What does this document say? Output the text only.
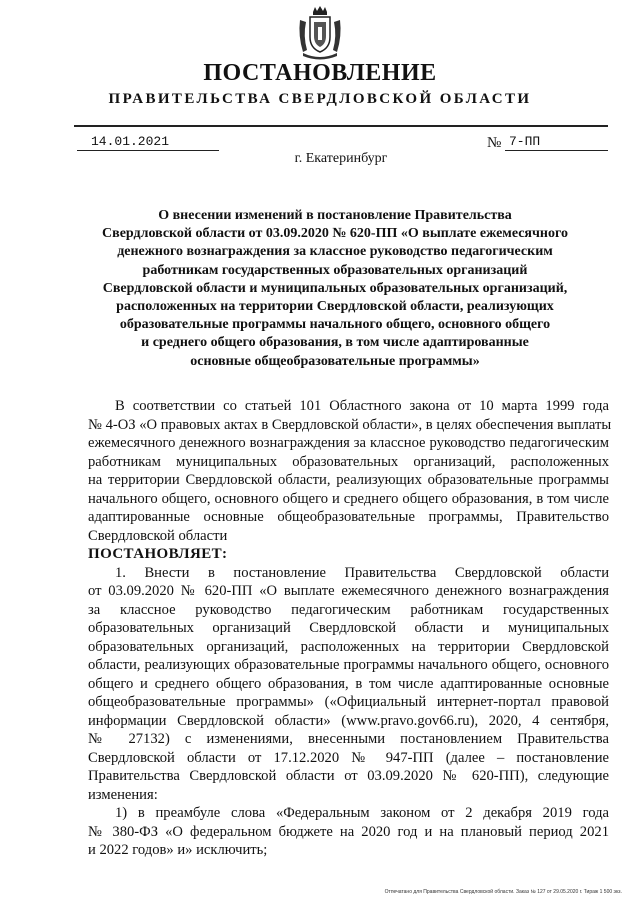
ПОСТАНОВЛЕНИЕ
ПРАВИТЕЛЬСТВА СВЕРДЛОВСКОЙ ОБЛАСТИ
14.01.2021	№ 7-ПП
г. Екатеринбург
О внесении изменений в постановление Правительства
Свердловской области от 03.09.2020 № 620-ПП «О выплате ежемесячного
денежного вознаграждения за классное руководство педагогическим
работникам государственных образовательных организаций
Свердловской области и муниципальных образовательных организаций,
расположенных на территории Свердловской области, реализующих
образовательные программы начального общего, основного общего
и среднего общего образования, в том числе адаптированные
основные общеобразовательные программы»
В соответствии со статьей 101 Областного закона от 10 марта 1999 года
№ 4-ОЗ «О правовых актах в Свердловской области», в целях обеспечения выплаты
ежемесячного денежного вознаграждения за классное руководство педагогическим
работникам муниципальных образовательных организаций, расположенных
на территории Свердловской области, реализующих образовательные программы
начального общего, основного общего и среднего общего образования, в том числе
адаптированные основные общеобразовательные программы, Правительство
Свердловской области
ПОСТАНОВЛЯЕТ:
1. Внести в постановление Правительства Свердловской области
от 03.09.2020 № 620-ПП «О выплате ежемесячного денежного вознаграждения
за классное руководство педагогическим работникам государственных
образовательных организаций Свердловской области и муниципальных
образовательных организаций, расположенных на территории Свердловской
области, реализующих образовательные программы начального общего, основного
общего и среднего общего образования, в том числе адаптированные основные
общеобразовательные программы» («Официальный интернет-портал правовой
информации Свердловской области» (www.pravo.gov66.ru), 2020, 4 сентября,
№ 27132) с изменениями, внесенными постановлением Правительства
Свердловской области от 17.12.2020 № 947-ПП (далее – постановление
Правительства Свердловской области от 03.09.2020 № 620-ПП), следующие
изменения:
1) в преамбуле слова «Федеральным законом от 2 декабря 2019 года
№ 380-ФЗ «О федеральном бюджете на 2020 год и на плановый период 2021
и 2022 годов» и» исключить;
Отпечатано для Правительства Свердловской области. Заказ № 127 от 29.05.2020 г. Тираж 1 500 экз.
